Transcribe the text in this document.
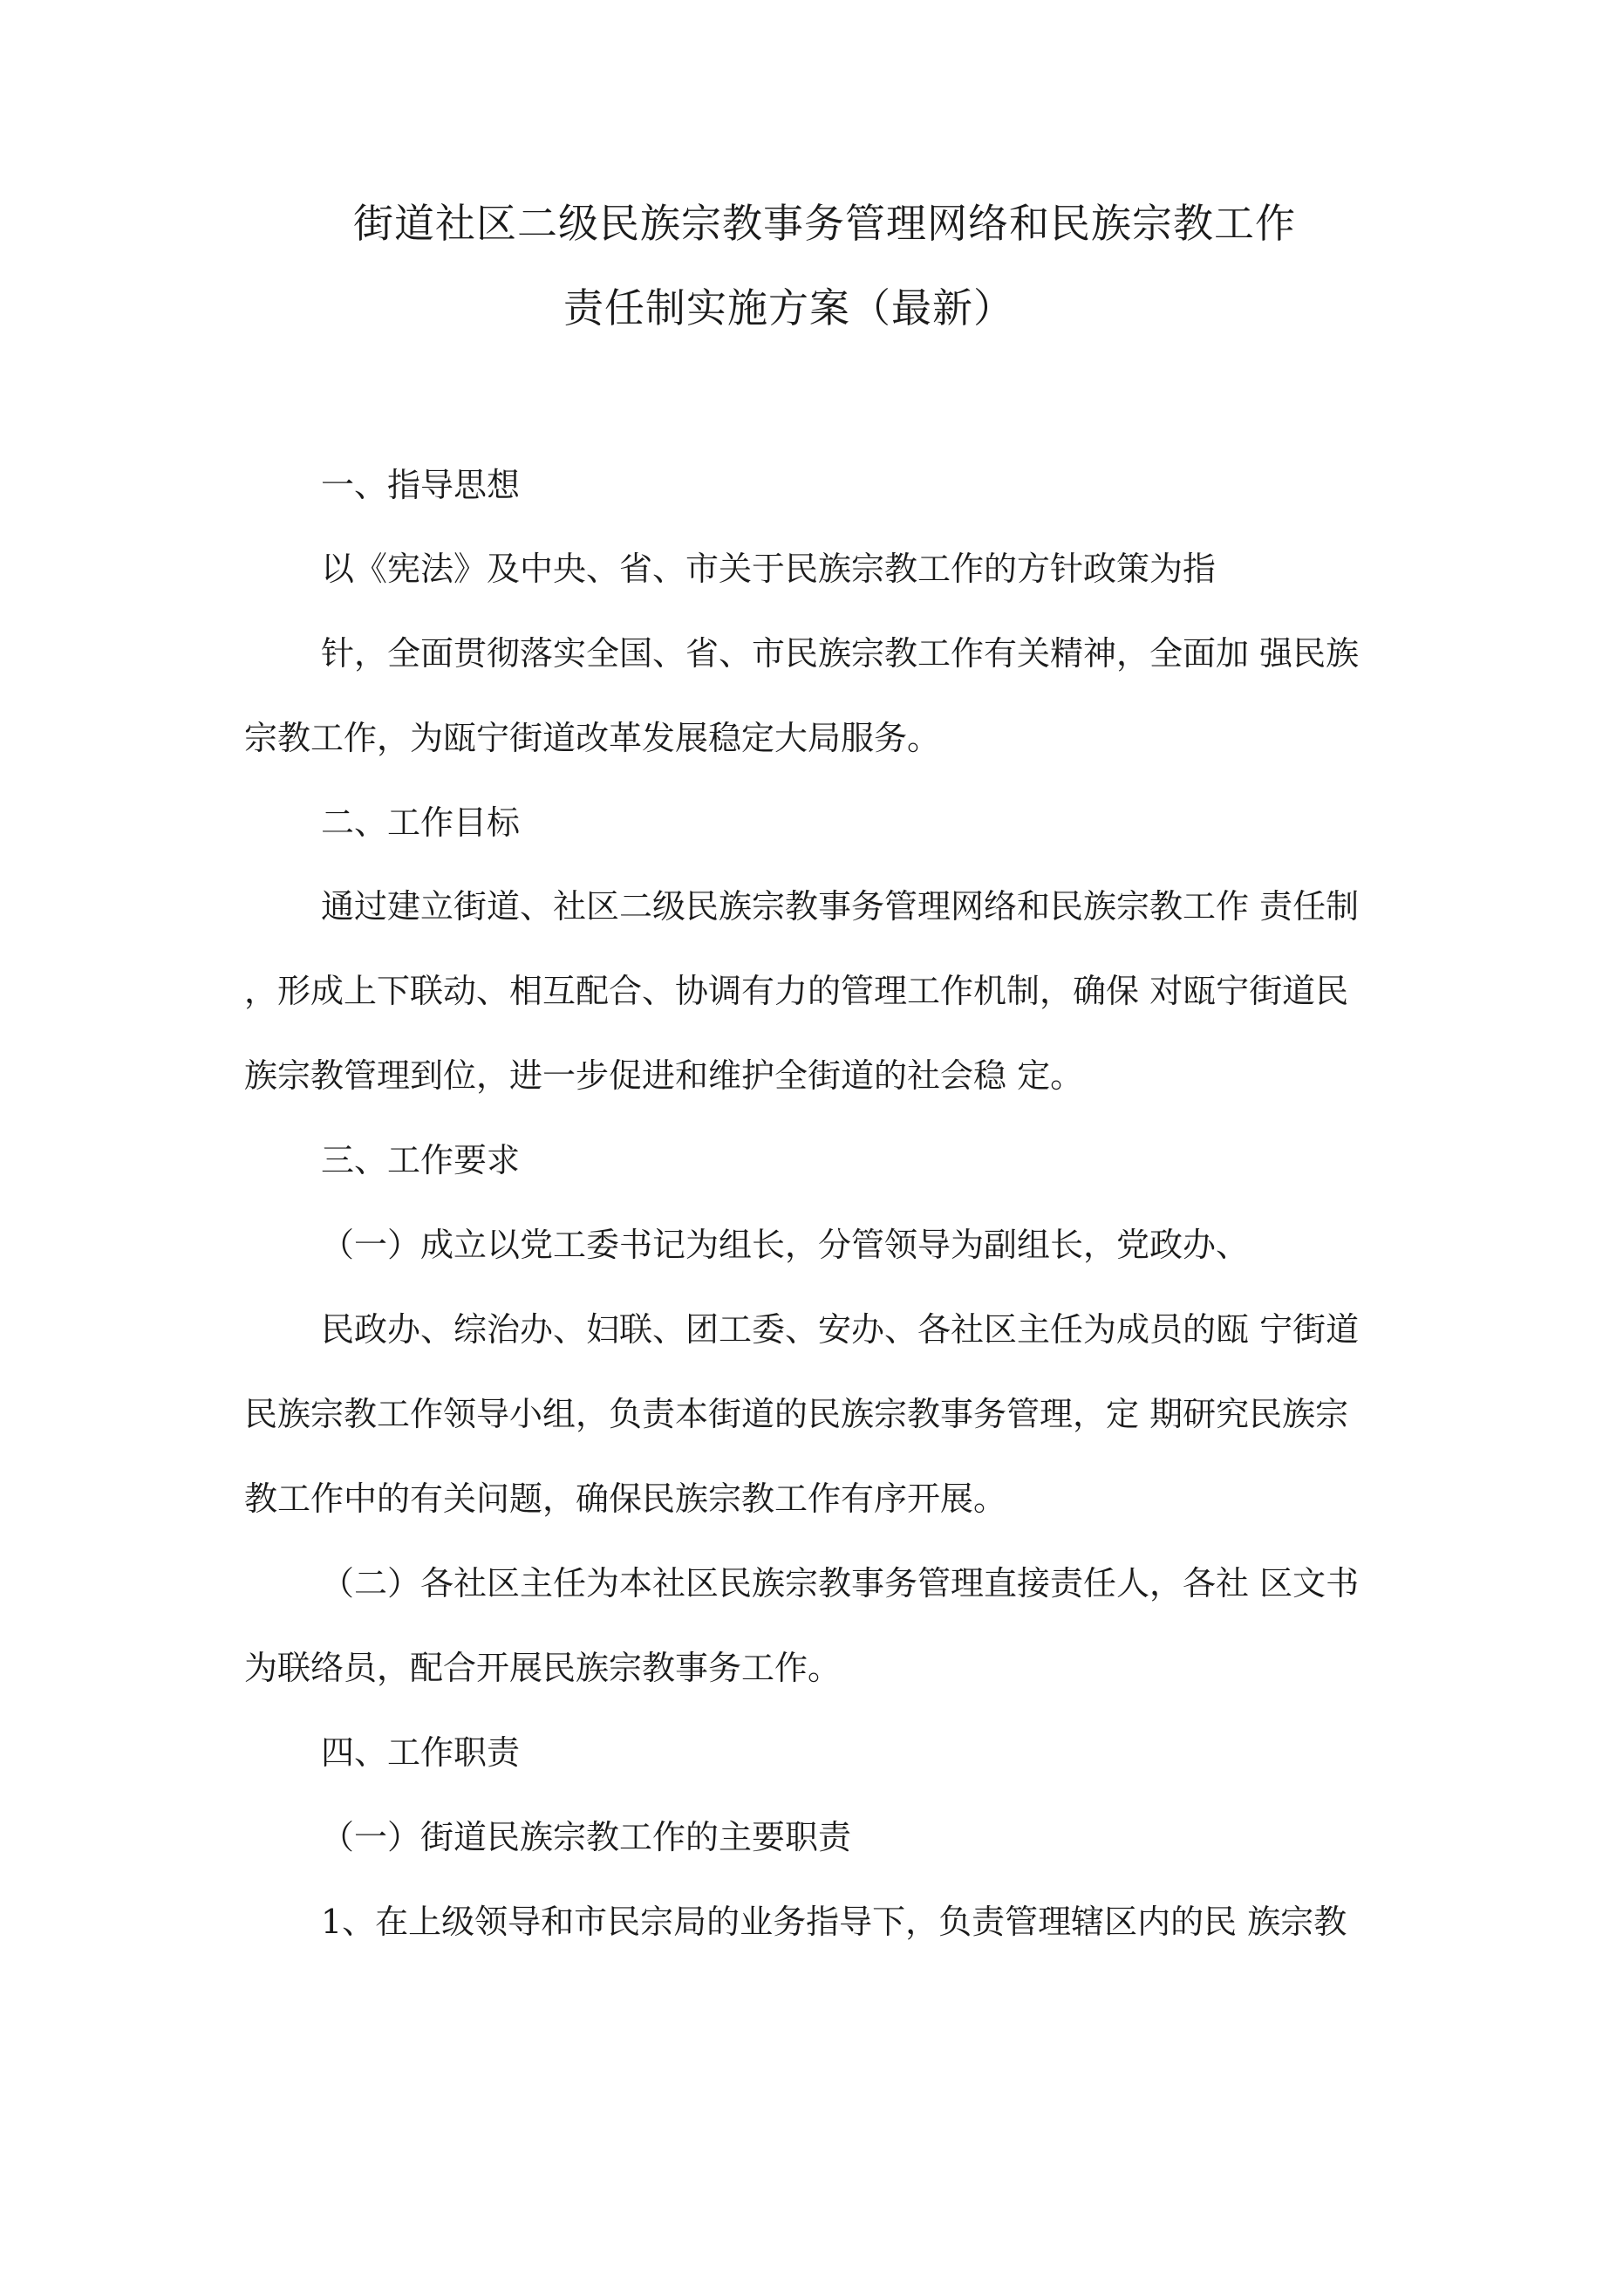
街道社区二级民族宗教事务管理网络和民族宗教工作
责任制实施方案（最新）
一、指导思想
以《宪法》及中央、省、市关于民族宗教工作的方针政策为指
针，全面贯彻落实全国、省、市民族宗教工作有关精神，全面加 强民族
宗教工作，为瓯宁街道改革发展稳定大局服务。
二、工作目标
通过建立街道、社区二级民族宗教事务管理网络和民族宗教工作 责任制
，形成上下联动、相互配合、协调有力的管理工作机制，确保 对瓯宁街道民
族宗教管理到位，进一步促进和维护全街道的社会稳 定。
三、工作要求
（一）成立以党工委书记为组长，分管领导为副组长，党政办、
民政办、综治办、妇联、团工委、安办、各社区主任为成员的瓯 宁街道
民族宗教工作领导小组，负责本街道的民族宗教事务管理，定 期研究民族宗
教工作中的有关问题，确保民族宗教工作有序开展。
（二）各社区主任为本社区民族宗教事务管理直接责任人，各社 区文书
为联络员，配合开展民族宗教事务工作。
四、工作职责
（一）街道民族宗教工作的主要职责
1、在上级领导和市民宗局的业务指导下，负责管理辖区内的民 族宗教
